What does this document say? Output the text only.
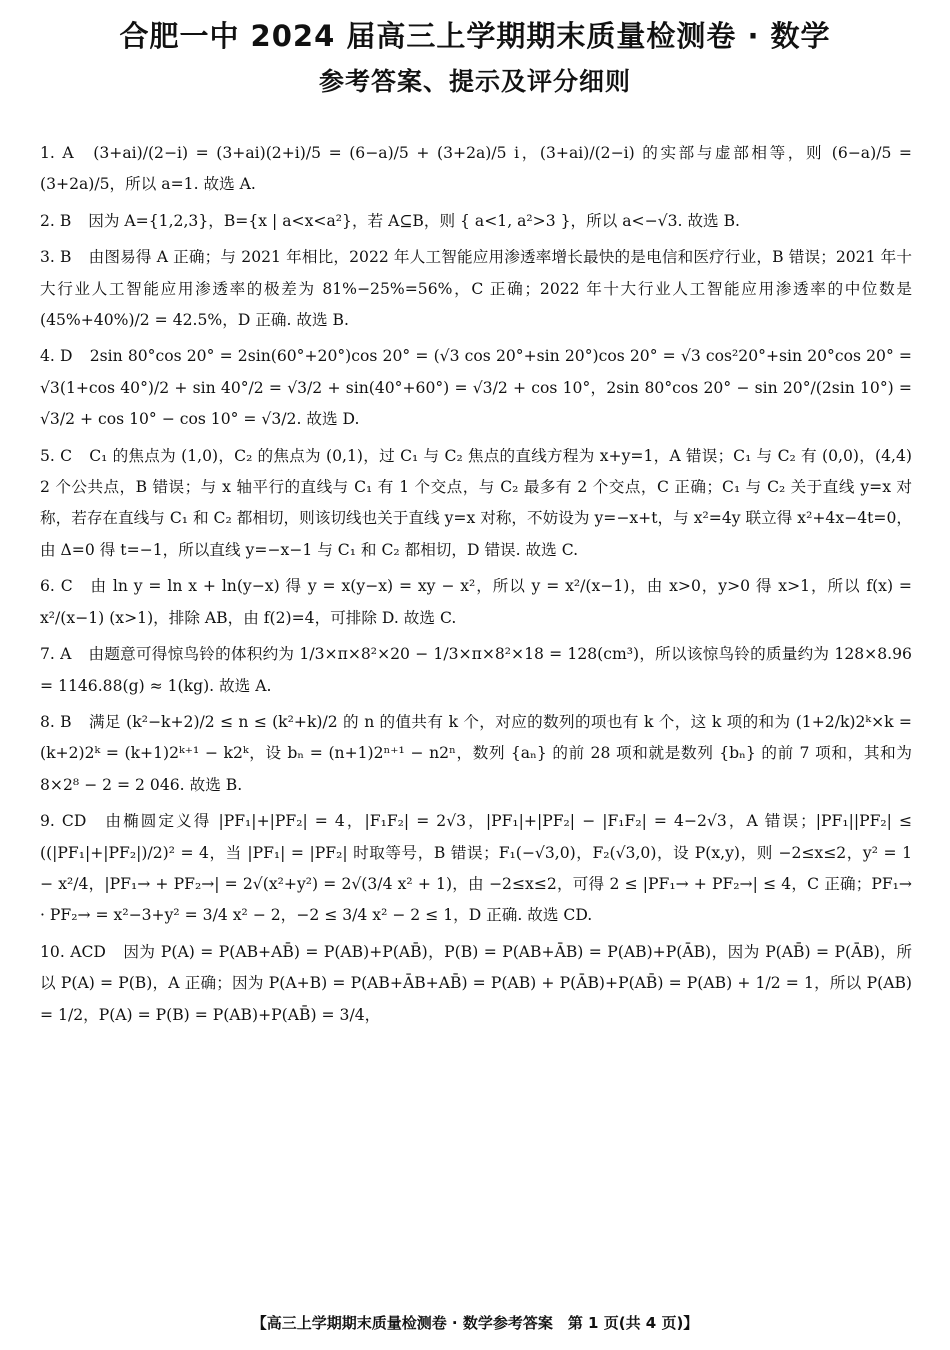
合肥一中 2024 届高三上学期期末质量检测卷 · 数学
参考答案、提示及评分细则
1. A (3+ai)/(2−i) = (3+ai)(2+i)/5 = (6−a)/5 + (3+2a)/5 i，(3+ai)/(2−i) 的实部与虚部相等，则 (6−a)/5 = (3+2a)/5，所以 a=1. 故选 A.
2. B 因为 A={1,2,3}，B={x | a<x<a²}，若 A⊆B，则 { a<1, a²>3 }，所以 a<−√3. 故选 B.
3. B 由图易得 A 正确；与 2021 年相比，2022 年人工智能应用渗透率增长最快的是电信和医疗行业，B 错误；2021 年十大行业人工智能应用渗透率的极差为 81%−25%=56%，C 正确；2022 年十大行业人工智能应用渗透率的中位数是 (45%+40%)/2 = 42.5%，D 正确. 故选 B.
4. D 2sin 80°cos 20° = 2sin(60°+20°)cos 20° = (√3 cos 20°+sin 20°)cos 20° = √3 cos²20°+sin 20°cos 20° = √3(1+cos 40°)/2 + sin 40°/2 = √3/2 + sin(40°+60°) = √3/2 + cos 10°，2sin 80°cos 20° − sin 20°/(2sin 10°) = √3/2 + cos 10° − cos 10° = √3/2. 故选 D.
5. C C₁ 的焦点为 (1,0)，C₂ 的焦点为 (0,1)，过 C₁ 与 C₂ 焦点的直线方程为 x+y=1，A 错误；C₁ 与 C₂ 有 (0,0)，(4,4) 2 个公共点，B 错误；与 x 轴平行的直线与 C₁ 有 1 个交点，与 C₂ 最多有 2 个交点，C 正确；C₁ 与 C₂ 关于直线 y=x 对称，若存在直线与 C₁ 和 C₂ 都相切，则该切线也关于直线 y=x 对称，不妨设为 y=−x+t，与 x²=4y 联立得 x²+4x−4t=0，由 Δ=0 得 t=−1，所以直线 y=−x−1 与 C₁ 和 C₂ 都相切，D 错误. 故选 C.
6. C 由 ln y = ln x + ln(y−x) 得 y = x(y−x) = xy − x²，所以 y = x²/(x−1)，由 x>0，y>0 得 x>1，所以 f(x) = x²/(x−1) (x>1)，排除 AB，由 f(2)=4，可排除 D. 故选 C.
7. A 由题意可得惊鸟铃的体积约为 1/3×π×8²×20 − 1/3×π×8²×18 = 128(cm³)，所以该惊鸟铃的质量约为 128×8.96 = 1146.88(g) ≈ 1(kg). 故选 A.
8. B 满足 (k²−k+2)/2 ≤ n ≤ (k²+k)/2 的 n 的值共有 k 个，对应的数列的项也有 k 个，这 k 项的和为 (1+2/k)2ᵏ×k = (k+2)2ᵏ = (k+1)2ᵏ⁺¹ − k2ᵏ，设 bₙ = (n+1)2ⁿ⁺¹ − n2ⁿ，数列 {aₙ} 的前 28 项和就是数列 {bₙ} 的前 7 项和，其和为 8×2⁸ − 2 = 2 046. 故选 B.
9. CD 由椭圆定义得 |PF₁|+|PF₂| = 4，|F₁F₂| = 2√3，|PF₁|+|PF₂| − |F₁F₂| = 4−2√3，A 错误；|PF₁||PF₂| ≤ ((|PF₁|+|PF₂|)/2)² = 4，当 |PF₁| = |PF₂| 时取等号，B 错误；F₁(−√3,0)，F₂(√3,0)，设 P(x,y)，则 −2≤x≤2，y² = 1 − x²/4，|PF₁→ + PF₂→| = 2√(x²+y²) = 2√(3/4 x² + 1)，由 −2≤x≤2，可得 2 ≤ |PF₁→ + PF₂→| ≤ 4，C 正确；PF₁→ · PF₂→ = x²−3+y² = 3/4 x² − 2，−2 ≤ 3/4 x² − 2 ≤ 1，D 正确. 故选 CD.
10. ACD 因为 P(A) = P(AB+AB̄) = P(AB)+P(AB̄)，P(B) = P(AB+ĀB) = P(AB)+P(ĀB)，因为 P(AB̄) = P(ĀB)，所以 P(A) = P(B)，A 正确；因为 P(A+B) = P(AB+ĀB+AB̄) = P(AB) + P(ĀB)+P(AB̄) = P(AB) + 1/2 = 1，所以 P(AB) = 1/2，P(A) = P(B) = P(AB)+P(AB̄) = 3/4，
【高三上学期期末质量检测卷 · 数学参考答案　第 1 页(共 4 页)】
